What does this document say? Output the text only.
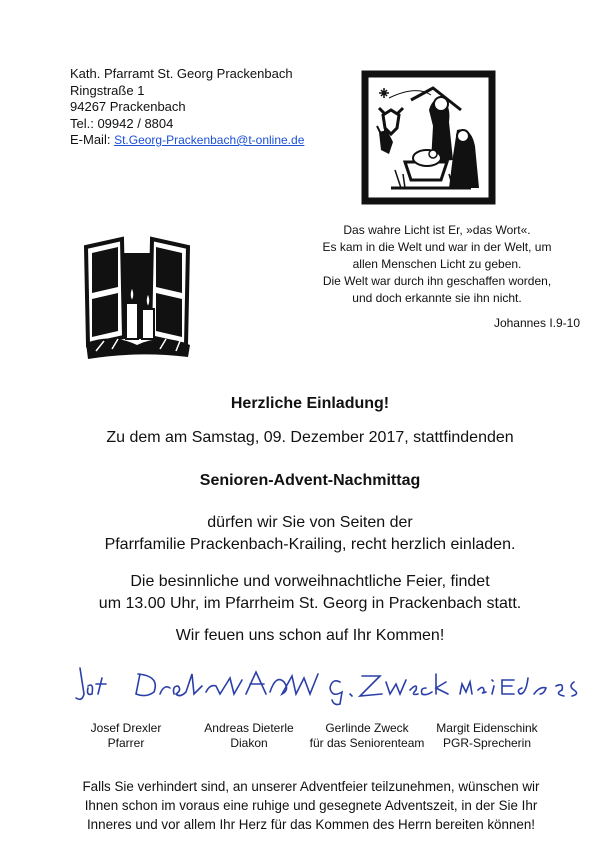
Kath. Pfarramt St. Georg Prackenbach
Ringstraße 1
94267 Prackenbach
Tel.: 09942 / 8804
E-Mail: St.Georg-Prackenbach@t-online.de
Das wahre Licht ist Er, »das Wort«.
Es kam in die Welt und war in der Welt, um
allen Menschen Licht zu geben.
Die Welt war durch ihn geschaffen worden,
und doch erkannte sie ihn nicht.
Johannes I.9-10
Herzliche Einladung!
Zu dem am Samstag, 09. Dezember 2017, stattfindenden
Senioren-Advent-Nachmittag
dürfen wir Sie von Seiten der
Pfarrfamilie Prackenbach-Krailing, recht herzlich einladen.
Die besinnliche und vorweihnachtliche Feier, findet
um 13.00 Uhr, im Pfarrheim St. Georg in Prackenbach statt.
Wir feuen uns schon auf Ihr Kommen!
Josef Drexler
Pfarrer
Andreas Dieterle
Diakon
Gerlinde Zweck
für das Seniorenteam
Margit Eidenschink
PGR-Sprecherin
Falls Sie verhindert sind, an unserer Adventfeier teilzunehmen, wünschen wir
Ihnen schon im voraus eine ruhige und gesegnete Adventszeit, in der Sie Ihr
Inneres und vor allem Ihr Herz für das Kommen des Herrn bereiten können!
